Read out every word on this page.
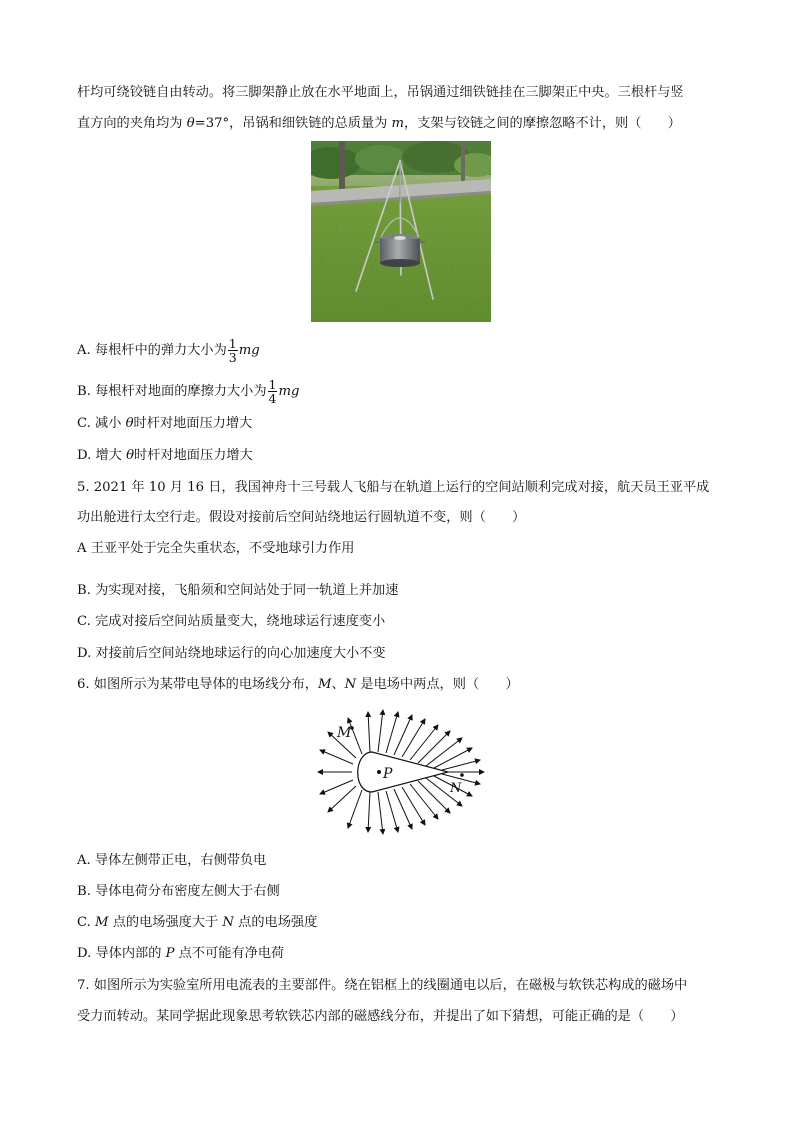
杆均可绕铰链自由转动。将三脚架静止放在水平地面上，吊锅通过细铁链挂在三脚架正中央。三根杆与竖
直方向的夹角均为 θ=37°，吊锅和细铁链的总质量为 m，支架与铰链之间的摩擦忽略不计，则（　　）
A. 每根杆中的弹力大小为 $\frac{1}{3}$ mg
B. 每根杆对地面的摩擦力大小为 $\frac{1}{4}$ mg
C. 减小 θ时杆对地面压力增大
D. 增大 θ时杆对地面压力增大
5. 2021 年 10 月 16 日，我国神舟十三号载人飞船与在轨道上运行的空间站顺利完成对接，航天员王亚平成
功出舱进行太空行走。假设对接前后空间站绕地运行圆轨道不变，则（　　）
A 王亚平处于完全失重状态，不受地球引力作用
B. 为实现对接，飞船须和空间站处于同一轨道上并加速
C. 完成对接后空间站质量变大，绕地球运行速度变小
D. 对接前后空间站绕地球运行的向心加速度大小不变
6. 如图所示为某带电导体的电场线分布，M、N 是电场中两点，则（　　）
M
P
N
A. 导体左侧带正电，右侧带负电
B. 导体电荷分布密度左侧大于右侧
C. M 点的电场强度大于 N 点的电场强度
D. 导体内部的 P 点不可能有净电荷
7. 如图所示为实验室所用电流表的主要部件。绕在铝框上的线圈通电以后，在磁极与软铁芯构成的磁场中
受力而转动。某同学据此现象思考软铁芯内部的磁感线分布，并提出了如下猜想，可能正确的是（　　）
